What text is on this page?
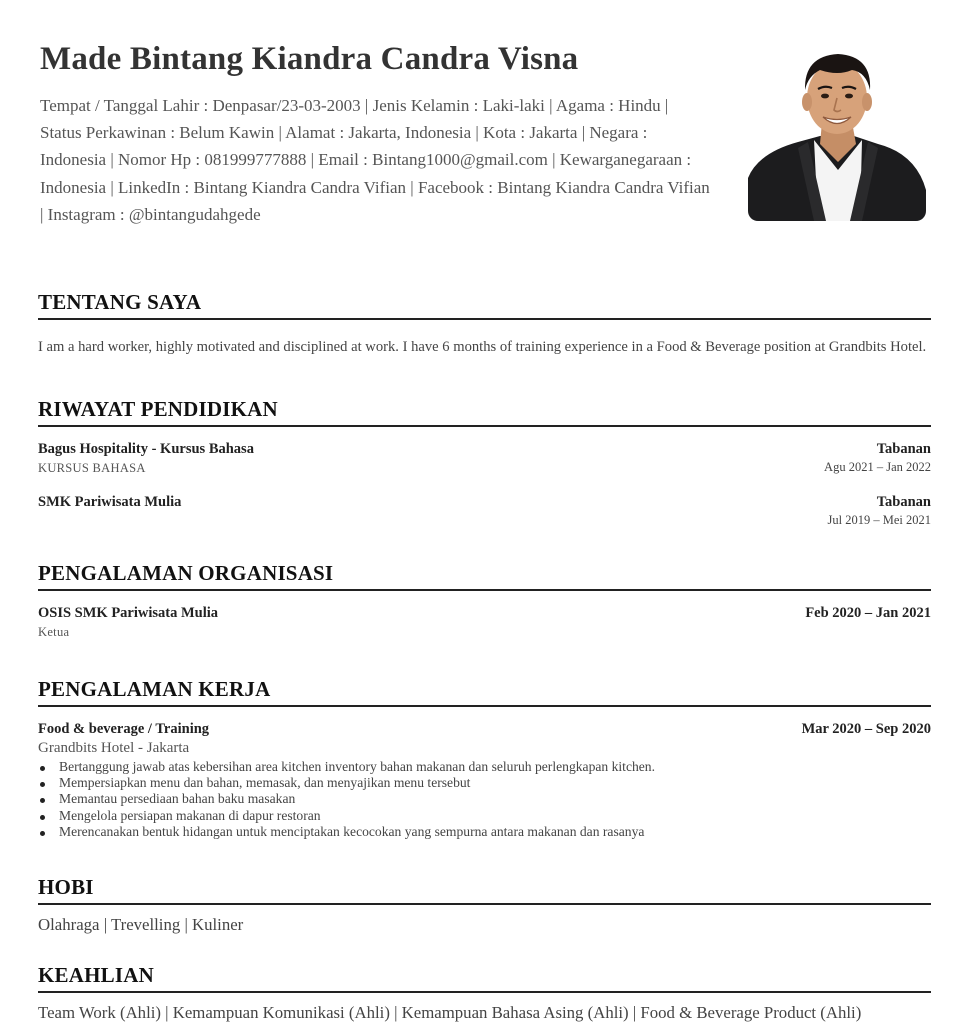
Made Bintang Kiandra Candra Visna
Tempat / Tanggal Lahir : Denpasar/23-03-2003 | Jenis Kelamin : Laki-laki | Agama : Hindu | Status Perkawinan : Belum Kawin | Alamat : Jakarta, Indonesia | Kota : Jakarta | Negara : Indonesia | Nomor Hp : 081999777888 | Email : Bintang1000@gmail.com | Kewarganegaraan : Indonesia | LinkedIn : Bintang Kiandra Candra Vifian | Facebook : Bintang Kiandra Candra Vifian | Instagram : @bintangudahgede
TENTANG SAYA
I am a hard worker, highly motivated and disciplined at work. I have 6 months of training experience in a Food & Beverage position at Grandbits Hotel.
RIWAYAT PENDIDIKAN
Bagus Hospitality - Kursus Bahasa
KURSUS BAHASA
Tabanan
Agu 2021 – Jan 2022
SMK Pariwisata Mulia	Tabanan
Jul 2019 – Mei 2021
PENGALAMAN ORGANISASI
OSIS SMK Pariwisata Mulia
Ketua
Feb 2020 – Jan 2021
PENGALAMAN KERJA
Food & beverage / Training
Grandbits Hotel - Jakarta
Mar 2020 – Sep 2020
Bertanggung jawab atas kebersihan area kitchen inventory bahan makanan dan seluruh perlengkapan kitchen.
Mempersiapkan menu dan bahan, memasak, dan menyajikan menu tersebut
Memantau persediaan bahan baku masakan
Mengelola persiapan makanan di dapur restoran
Merencanakan bentuk hidangan untuk menciptakan kecocokan yang sempurna antara makanan dan rasanya
HOBI
Olahraga | Trevelling | Kuliner
KEAHLIAN
Team Work (Ahli) | Kemampuan Komunikasi (Ahli) | Kemampuan Bahasa Asing (Ahli) | Food & Beverage Product (Ahli)
